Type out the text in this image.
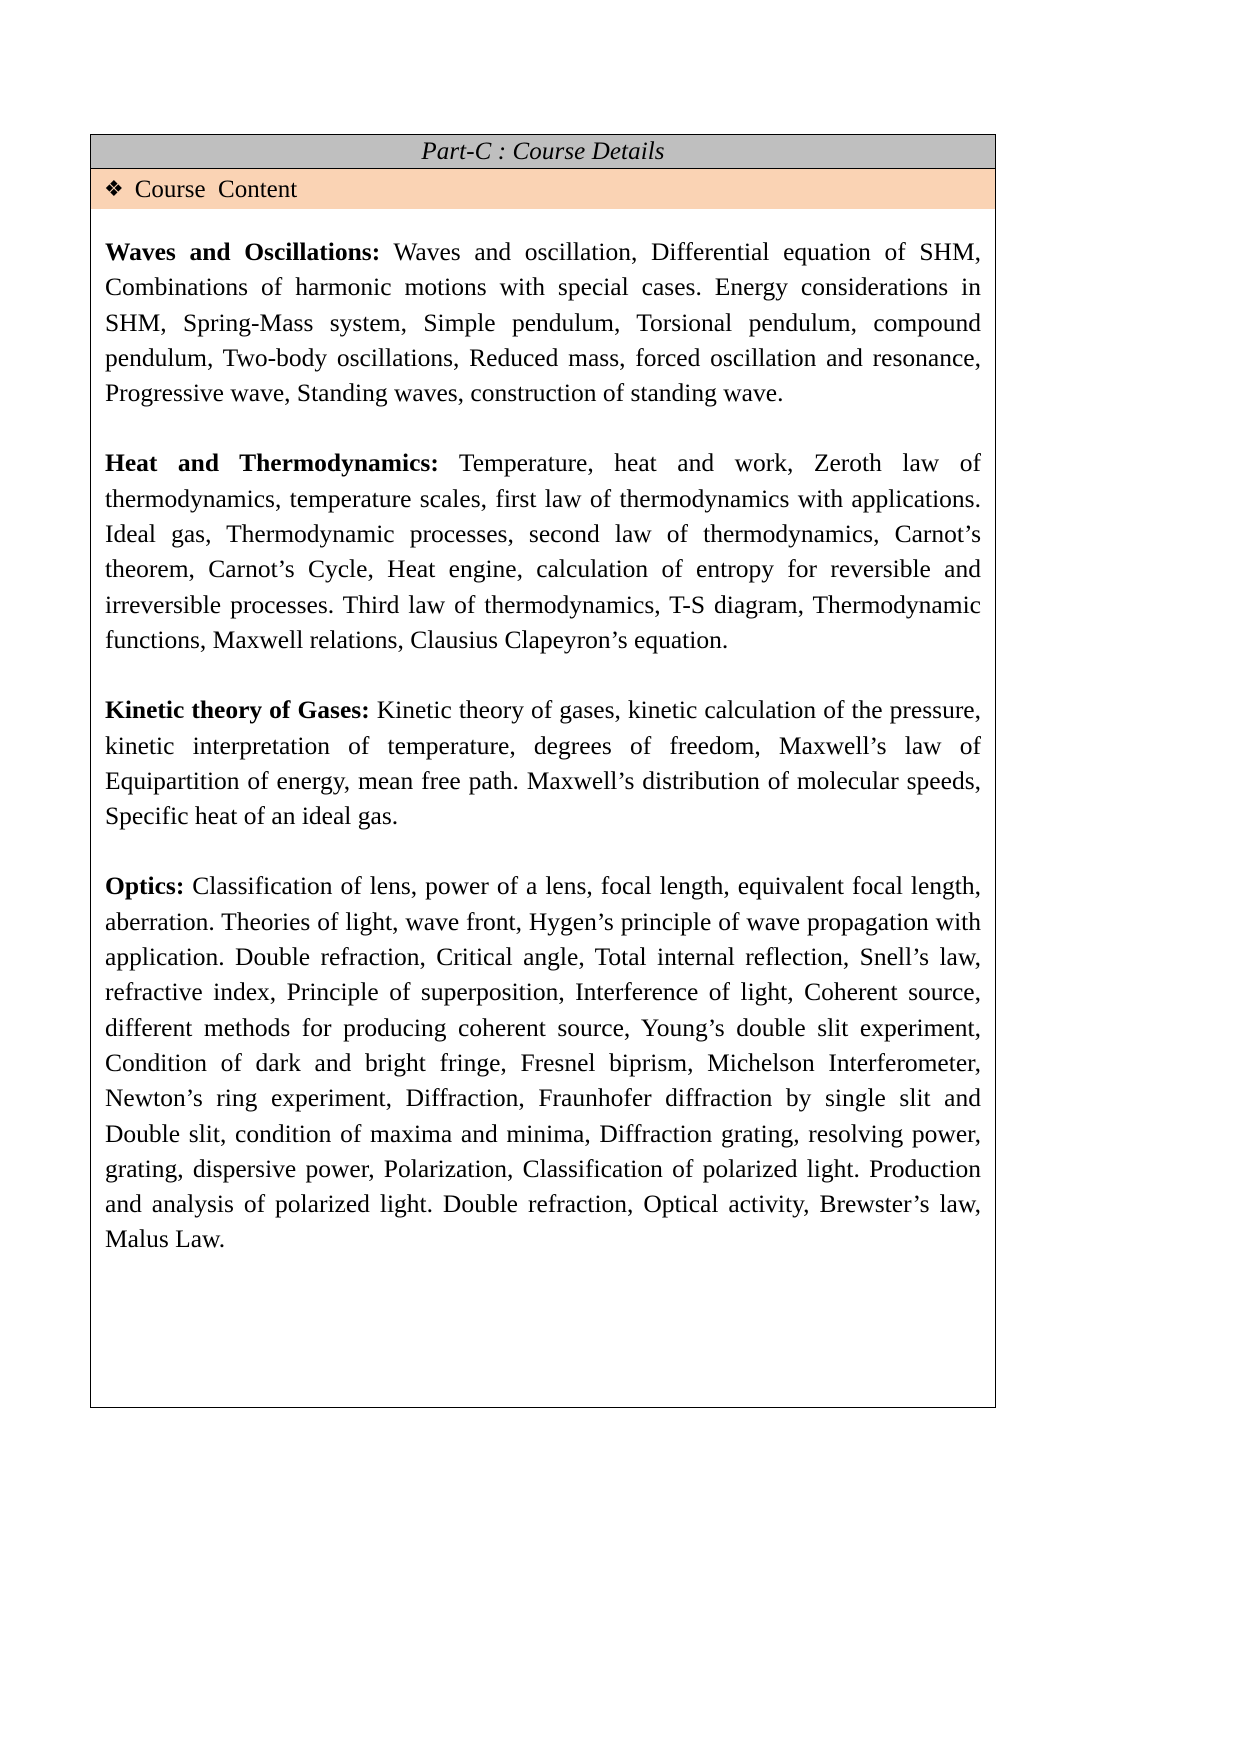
Part-C : Course Details
❖ Course  Content

Waves and Oscillations: Waves and oscillation, Differential equation of SHM, Combinations of harmonic motions with special cases. Energy considerations in SHM, Spring-Mass system, Simple pendulum, Torsional pendulum, compound pendulum, Two-body oscillations, Reduced mass, forced oscillation and resonance, Progressive wave, Standing waves, construction of standing wave.

Heat and Thermodynamics: Temperature, heat and work, Zeroth law of thermodynamics, temperature scales, first law of thermodynamics with applications. Ideal gas, Thermodynamic processes, second law of thermodynamics, Carnot’s theorem, Carnot’s Cycle, Heat engine, calculation of entropy for reversible and irreversible processes. Third law of thermodynamics, T-S diagram, Thermodynamic functions, Maxwell relations, Clausius Clapeyron’s equation.

Kinetic theory of Gases: Kinetic theory of gases, kinetic calculation of the pressure, kinetic interpretation of temperature, degrees of freedom, Maxwell’s law of Equipartition of energy, mean free path. Maxwell’s distribution of molecular speeds, Specific heat of an ideal gas.

Optics: Classification of lens, power of a lens, focal length, equivalent focal length, aberration. Theories of light, wave front, Hygen’s principle of wave propagation with application. Double refraction, Critical angle, Total internal reflection, Snell’s law, refractive index, Principle of superposition, Interference of light, Coherent source, different methods for producing coherent source, Young’s double slit experiment, Condition of dark and bright fringe, Fresnel biprism, Michelson Interferometer, Newton’s ring experiment, Diffraction, Fraunhofer diffraction by single slit and Double slit, condition of maxima and minima, Diffraction grating, resolving power, grating, dispersive power, Polarization, Classification of polarized light. Production and analysis of polarized light. Double refraction, Optical activity, Brewster’s law, Malus Law.
